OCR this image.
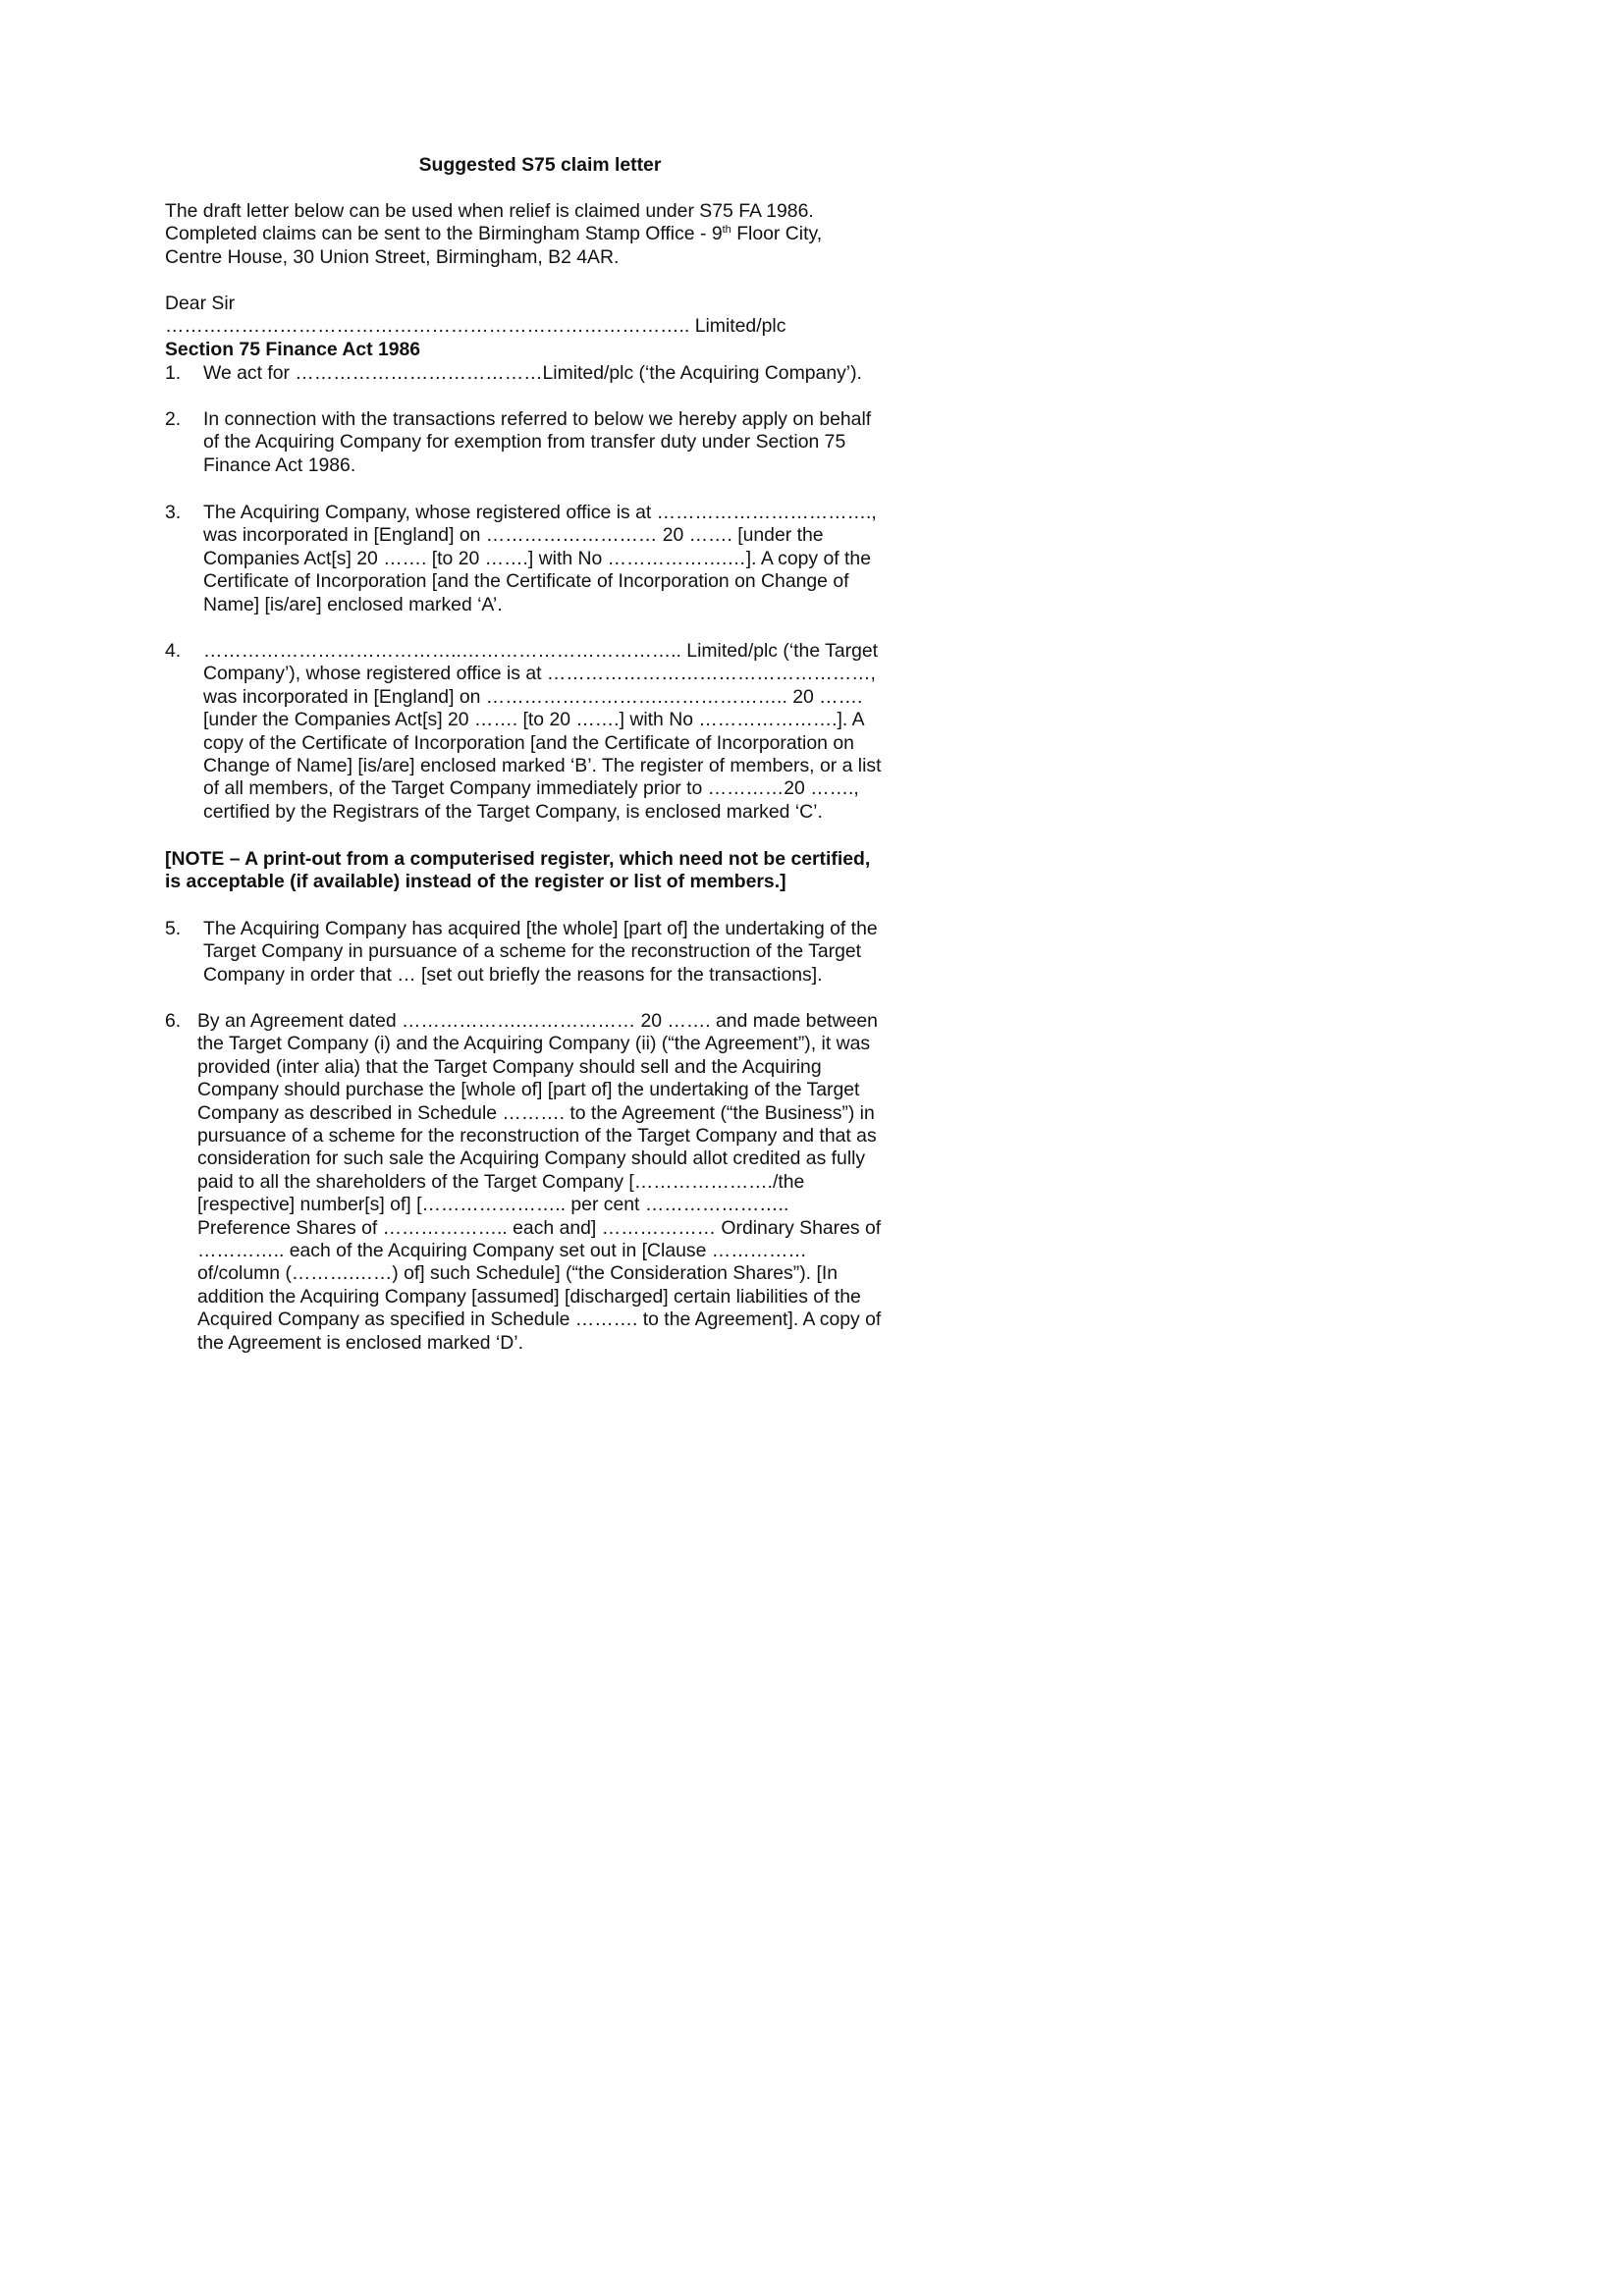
Suggested S75 claim letter
The draft letter below can be used when relief is claimed under S75 FA 1986.
Completed claims can be sent to the Birmingham Stamp Office - 9th Floor City,
Centre House, 30 Union Street, Birmingham, B2 4AR.
Dear Sir
……………………………………………………………………….. Limited/plc
Section 75 Finance Act 1986
1. We act for …………………………………Limited/plc (‘the Acquiring Company’).
2. In connection with the transactions referred to below we hereby apply on behalf
of the Acquiring Company for exemption from transfer duty under Section 75
Finance Act 1986.
3. The Acquiring Company, whose registered office is at …………………………….,
was incorporated in [England] on ……………………… 20 ……. [under the
Companies Act[s] 20 ……. [to 20 …….] with No ……………….…]. A copy of the
Certificate of Incorporation [and the Certificate of Incorporation on Change of
Name] [is/are] enclosed marked ‘A’.
4. …………………………………..…………………………….. Limited/plc (‘the Target
Company’), whose registered office is at ……………………………………………,
was incorporated in [England] on ……………………….……………….. 20 …….
[under the Companies Act[s] 20 ……. [to 20 …….] with No ………………….]. A
copy of the Certificate of Incorporation [and the Certificate of Incorporation on
Change of Name] [is/are] enclosed marked ‘B’. The register of members, or a list
of all members, of the Target Company immediately prior to …………20 …….,
certified by the Registrars of the Target Company, is enclosed marked ‘C’.
[NOTE – A print-out from a computerised register, which need not be certified,
is acceptable (if available) instead of the register or list of members.]
5. The Acquiring Company has acquired [the whole] [part of] the undertaking of the
Target Company in pursuance of a scheme for the reconstruction of the Target
Company in order that … [set out briefly the reasons for the transactions].
6. By an Agreement dated ……………….……………… 20 ……. and made between
the Target Company (i) and the Acquiring Company (ii) (“the Agreement”), it was
provided (inter alia) that the Target Company should sell and the Acquiring
Company should purchase the [whole of] [part of] the undertaking of the Target
Company as described in Schedule ………. to the Agreement (“the Business”) in
pursuance of a scheme for the reconstruction of the Target Company and that as
consideration for such sale the Acquiring Company should allot credited as fully
paid to all the shareholders of the Target Company […………………./the
[respective] number[s] of] [………………….. per cent …………………..
Preference Shares of ……………….. each and] ……………… Ordinary Shares of
………….. each of the Acquiring Company set out in [Clause ……………
of/column (……….……) of] such Schedule] (“the Consideration Shares”). [In
addition the Acquiring Company [assumed] [discharged] certain liabilities of the
Acquired Company as specified in Schedule ………. to the Agreement]. A copy of
the Agreement is enclosed marked ‘D’.
